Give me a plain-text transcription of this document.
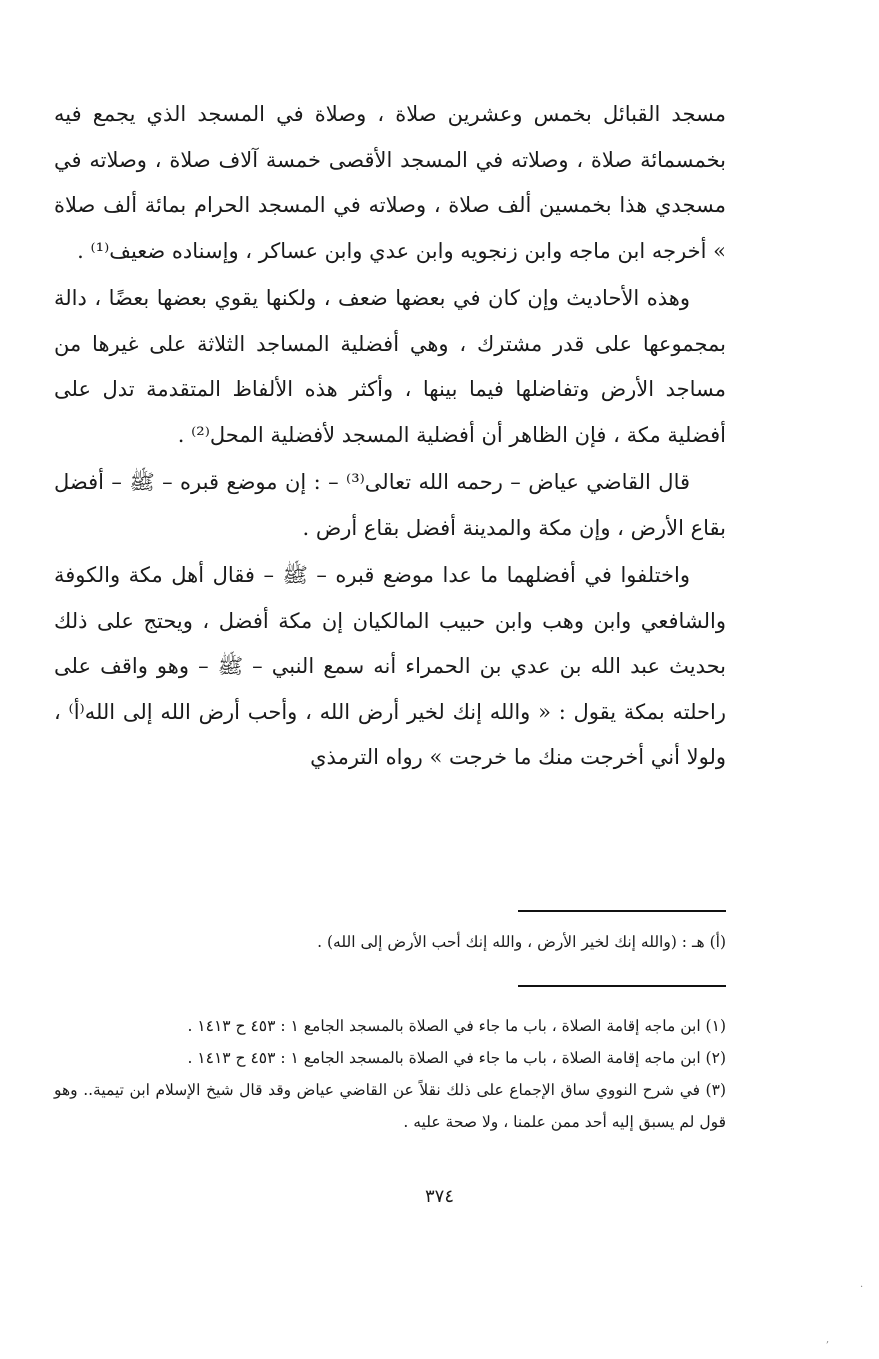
مسجد القبائل بخمس وعشرين صلاة ، وصلاة في المسجد الذي يجمع فيه بخمسمائة صلاة ، وصلاته في المسجد الأقصى خمسة آلاف صلاة ، وصلاته في مسجدي هذا بخمسين ألف صلاة ، وصلاته في المسجد الحرام بمائة ألف صلاة » أخرجه ابن ماجه وابن زنجويه وابن عدي وابن عساكر ، وإسناده ضعيف⁽¹⁾ .

وهذه الأحاديث وإن كان في بعضها ضعف ، ولكنها يقوي بعضها بعضًا ، دالة بمجموعها على قدر مشترك ، وهي أفضلية المساجد الثلاثة على غيرها من مساجد الأرض وتفاضلها فيما بينها ، وأكثر هذه الألفاظ المتقدمة تدل على أفضلية مكة ، فإن الظاهر أن أفضلية المسجد لأفضلية المحل⁽²⁾ .

قال القاضي عياض – رحمه الله تعالى⁽³⁾ – : إن موضع قبره – ﷺ – أفضل بقاع الأرض ، وإن مكة والمدينة أفضل بقاع أرض .

واختلفوا في أفضلهما ما عدا موضع قبره – ﷺ – فقال أهل مكة والكوفة والشافعي وابن وهب وابن حبيب المالكيان إن مكة أفضل ، ويحتج على ذلك بحديث عبد الله بن عدي بن الحمراء أنه سمع النبي – ﷺ – وهو واقف على راحلته بمكة يقول : « والله إنك لخير أرض الله ، وأحب أرض الله إلى الله⁽أ⁾ ، ولولا أني أخرجت منك ما خرجت » رواه الترمذي

(أ) هـ : (والله إنك لخير الأرض ، والله إنك أحب الأرض إلى الله) .

(١) ابن ماجه إقامة الصلاة ، باب ما جاء في الصلاة بالمسجد الجامع ١ : ٤٥٣ ح ١٤١٣ .

(٢) ابن ماجه إقامة الصلاة ، باب ما جاء في الصلاة بالمسجد الجامع ١ : ٤٥٣ ح ١٤١٣ .

(٣) في شرح النووي ساق الإجماع على ذلك نقلاً عن القاضي عياض وقد قال شيخ الإسلام ابن تيمية.. وهو قول لم يسبق إليه أحد ممن علمنا ، ولا صحة عليه .

٣٧٤
·
,
